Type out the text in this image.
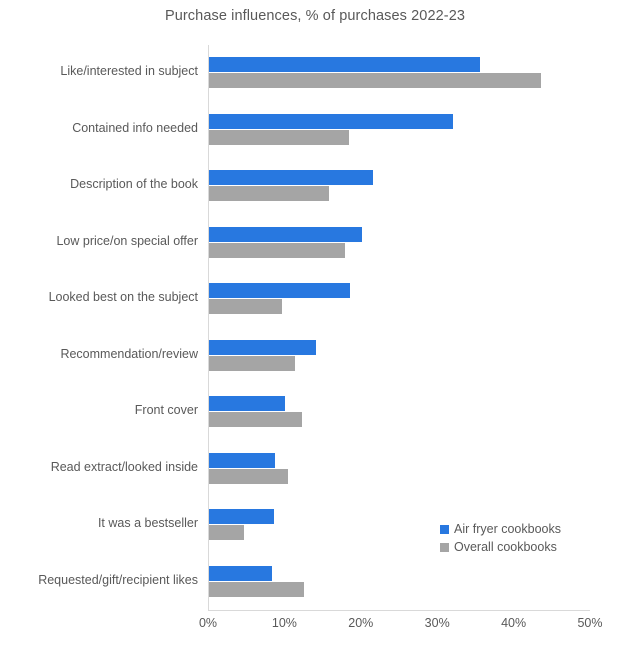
Purchase influences, % of purchases 2022-23
Like/interested in subject
Contained info needed
Description of the book
Low price/on special offer
Looked best on the subject
Recommendation/review
Front cover
Read extract/looked inside
It was a bestseller
Requested/gift/recipient likes
0%	10%	20%	30%	40%	50%
Air fryer cookbooks
Overall cookbooks
